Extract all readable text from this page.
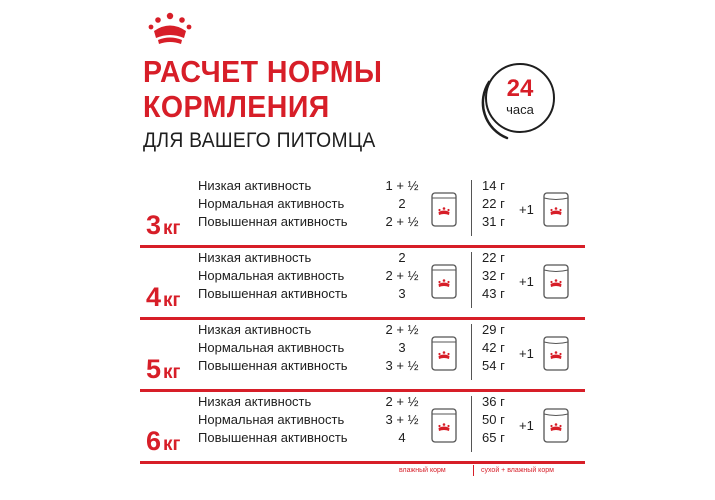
РАСЧЕТ НОРМЫ
КОРМЛЕНИЯ
ДЛЯ ВАШЕГО ПИТОМЦА
24
часа
3 кг
Низкая активность	1 + ½	14 г
Нормальная активность	2	22 г
Повышенная активность	2 + ½	31 г
+1
4 кг
Низкая активность	2	22 г
Нормальная активность	2 + ½	32 г
Повышенная активность	3	43 г
+1
5 кг
Низкая активность	2 + ½	29 г
Нормальная активность	3	42 г
Повышенная активность	3 + ½	54 г
+1
6 кг
Низкая активность	2 + ½	36 г
Нормальная активность	3 + ½	50 г
Повышенная активность	4	65 г
+1
влажный корм	сухой + влажный корм
